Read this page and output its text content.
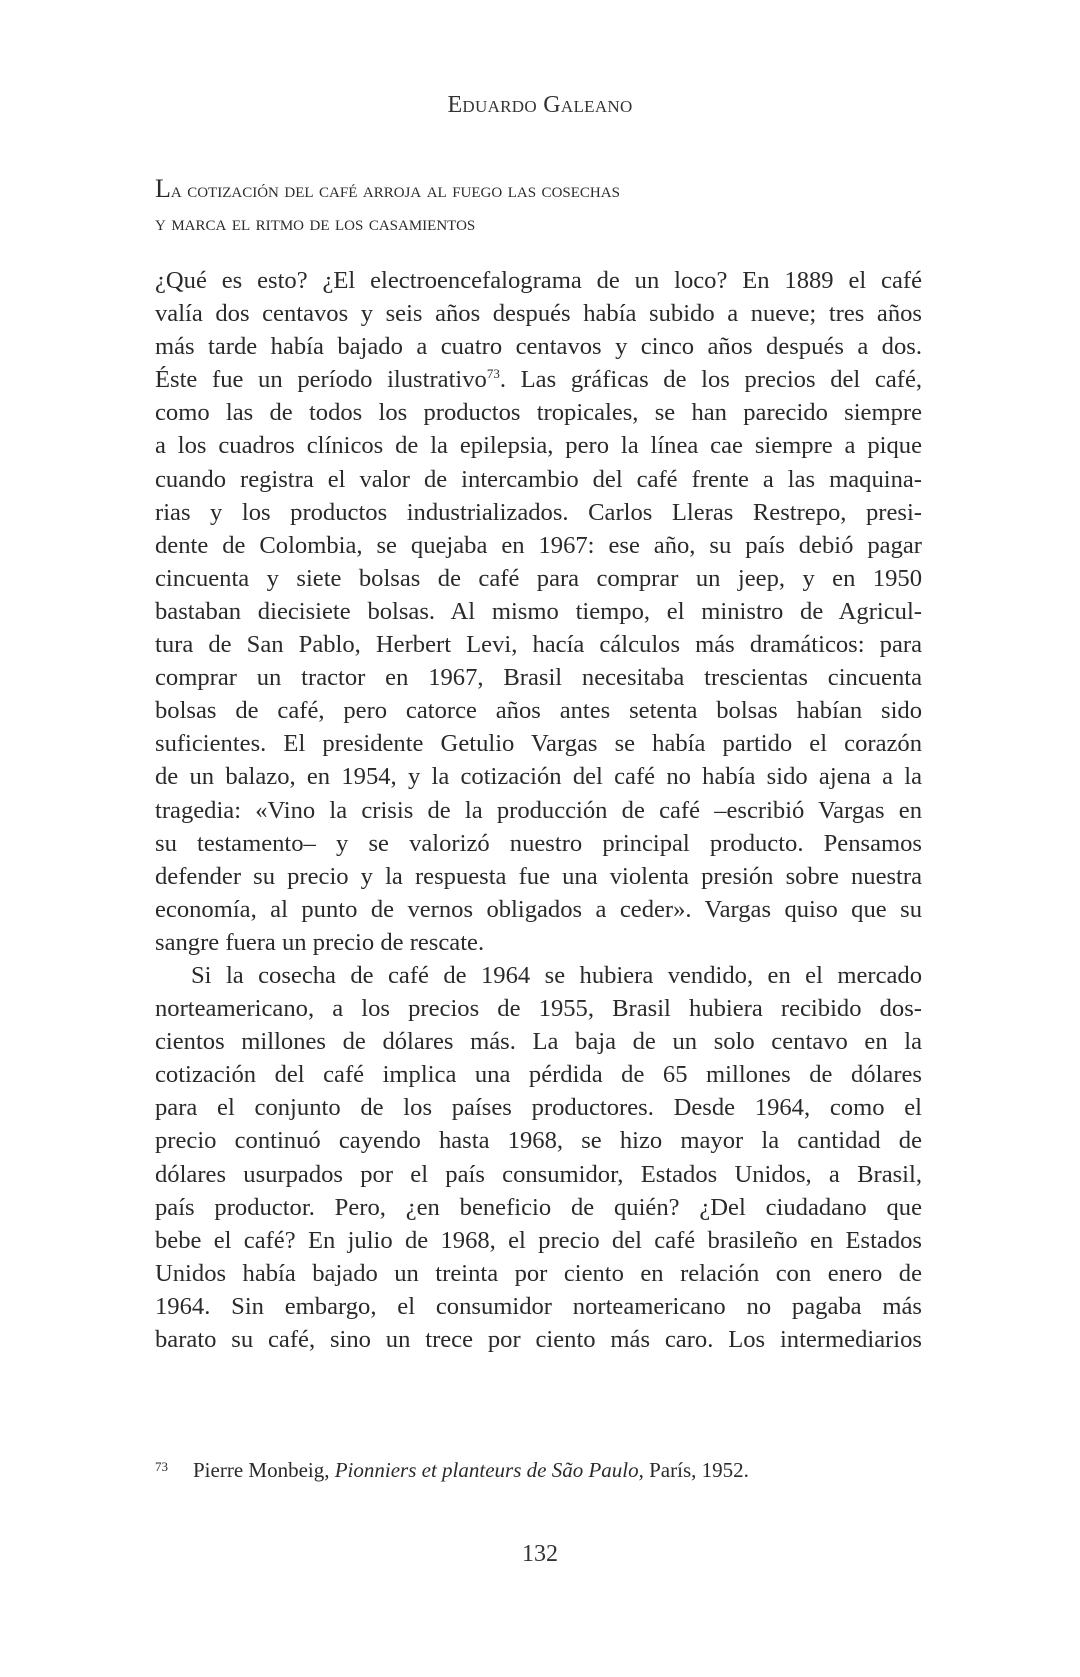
Eduardo Galeano
La cotización del café arroja al fuego las cosechas
y marca el ritmo de los casamientos
¿Qué es esto? ¿El electroencefalograma de un loco? En 1889 el café
valía dos centavos y seis años después había subido a nueve; tres años
más tarde había bajado a cuatro centavos y cinco años después a dos.
Éste fue un período ilustrativo$^{73}$. Las gráficas de los precios del café,
como las de todos los productos tropicales, se han parecido siempre
a los cuadros clínicos de la epilepsia, pero la línea cae siempre a pique
cuando registra el valor de intercambio del café frente a las maquina-
rias y los productos industrializados. Carlos Lleras Restrepo, presi-
dente de Colombia, se quejaba en 1967: ese año, su país debió pagar
cincuenta y siete bolsas de café para comprar un jeep, y en 1950
bastaban diecisiete bolsas. Al mismo tiempo, el ministro de Agricul-
tura de San Pablo, Herbert Levi, hacía cálculos más dramáticos: para
comprar un tractor en 1967, Brasil necesitaba trescientas cincuenta
bolsas de café, pero catorce años antes setenta bolsas habían sido
suficientes. El presidente Getulio Vargas se había partido el corazón
de un balazo, en 1954, y la cotización del café no había sido ajena a la
tragedia: «Vino la crisis de la producción de café –escribió Vargas en
su testamento– y se valorizó nuestro principal producto. Pensamos
defender su precio y la respuesta fue una violenta presión sobre nuestra
economía, al punto de vernos obligados a ceder». Vargas quiso que su
sangre fuera un precio de rescate.
Si la cosecha de café de 1964 se hubiera vendido, en el mercado
norteamericano, a los precios de 1955, Brasil hubiera recibido dos-
cientos millones de dólares más. La baja de un solo centavo en la
cotización del café implica una pérdida de 65 millones de dólares
para el conjunto de los países productores. Desde 1964, como el
precio continuó cayendo hasta 1968, se hizo mayor la cantidad de
dólares usurpados por el país consumidor, Estados Unidos, a Brasil,
país productor. Pero, ¿en beneficio de quién? ¿Del ciudadano que
bebe el café? En julio de 1968, el precio del café brasileño en Estados
Unidos había bajado un treinta por ciento en relación con enero de
1964. Sin embargo, el consumidor norteamericano no pagaba más
barato su café, sino un trece por ciento más caro. Los intermediarios
73 Pierre Monbeig, Pionniers et planteurs de São Paulo, París, 1952.
132
